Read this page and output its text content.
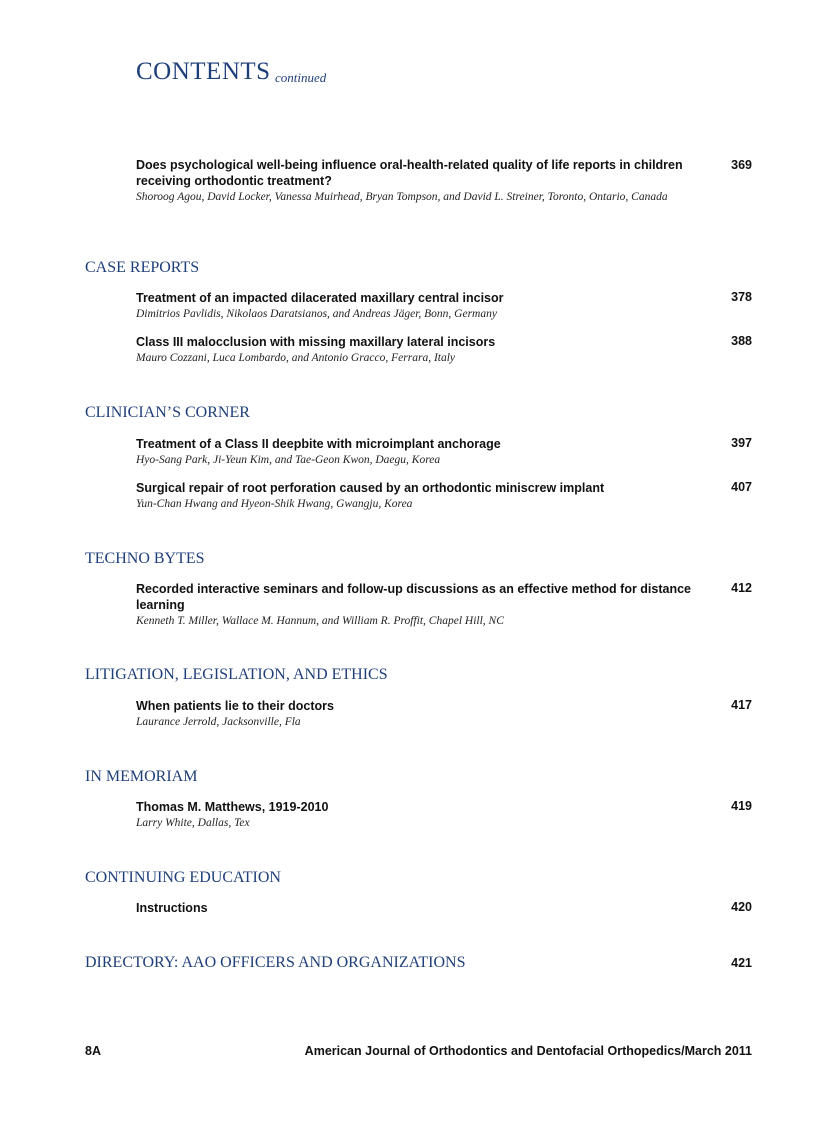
CONTENTS continued
Does psychological well-being influence oral-health-related quality of life reports in children receiving orthodontic treatment?
Shoroog Agou, David Locker, Vanessa Muirhead, Bryan Tompson, and David L. Streiner, Toronto, Ontario, Canada
369
CASE REPORTS
Treatment of an impacted dilacerated maxillary central incisor
Dimitrios Pavlidis, Nikolaos Daratsianos, and Andreas Jäger, Bonn, Germany
378
Class III malocclusion with missing maxillary lateral incisors
Mauro Cozzani, Luca Lombardo, and Antonio Gracco, Ferrara, Italy
388
CLINICIAN’S CORNER
Treatment of a Class II deepbite with microimplant anchorage
Hyo-Sang Park, Ji-Yeun Kim, and Tae-Geon Kwon, Daegu, Korea
397
Surgical repair of root perforation caused by an orthodontic miniscrew implant
Yun-Chan Hwang and Hyeon-Shik Hwang, Gwangju, Korea
407
TECHNO BYTES
Recorded interactive seminars and follow-up discussions as an effective method for distance learning
Kenneth T. Miller, Wallace M. Hannum, and William R. Proffit, Chapel Hill, NC
412
LITIGATION, LEGISLATION, AND ETHICS
When patients lie to their doctors
Laurance Jerrold, Jacksonville, Fla
417
IN MEMORIAM
Thomas M. Matthews, 1919-2010
Larry White, Dallas, Tex
419
CONTINUING EDUCATION
Instructions	420
DIRECTORY: AAO OFFICERS AND ORGANIZATIONS	421
8A	American Journal of Orthodontics and Dentofacial Orthopedics/March 2011
